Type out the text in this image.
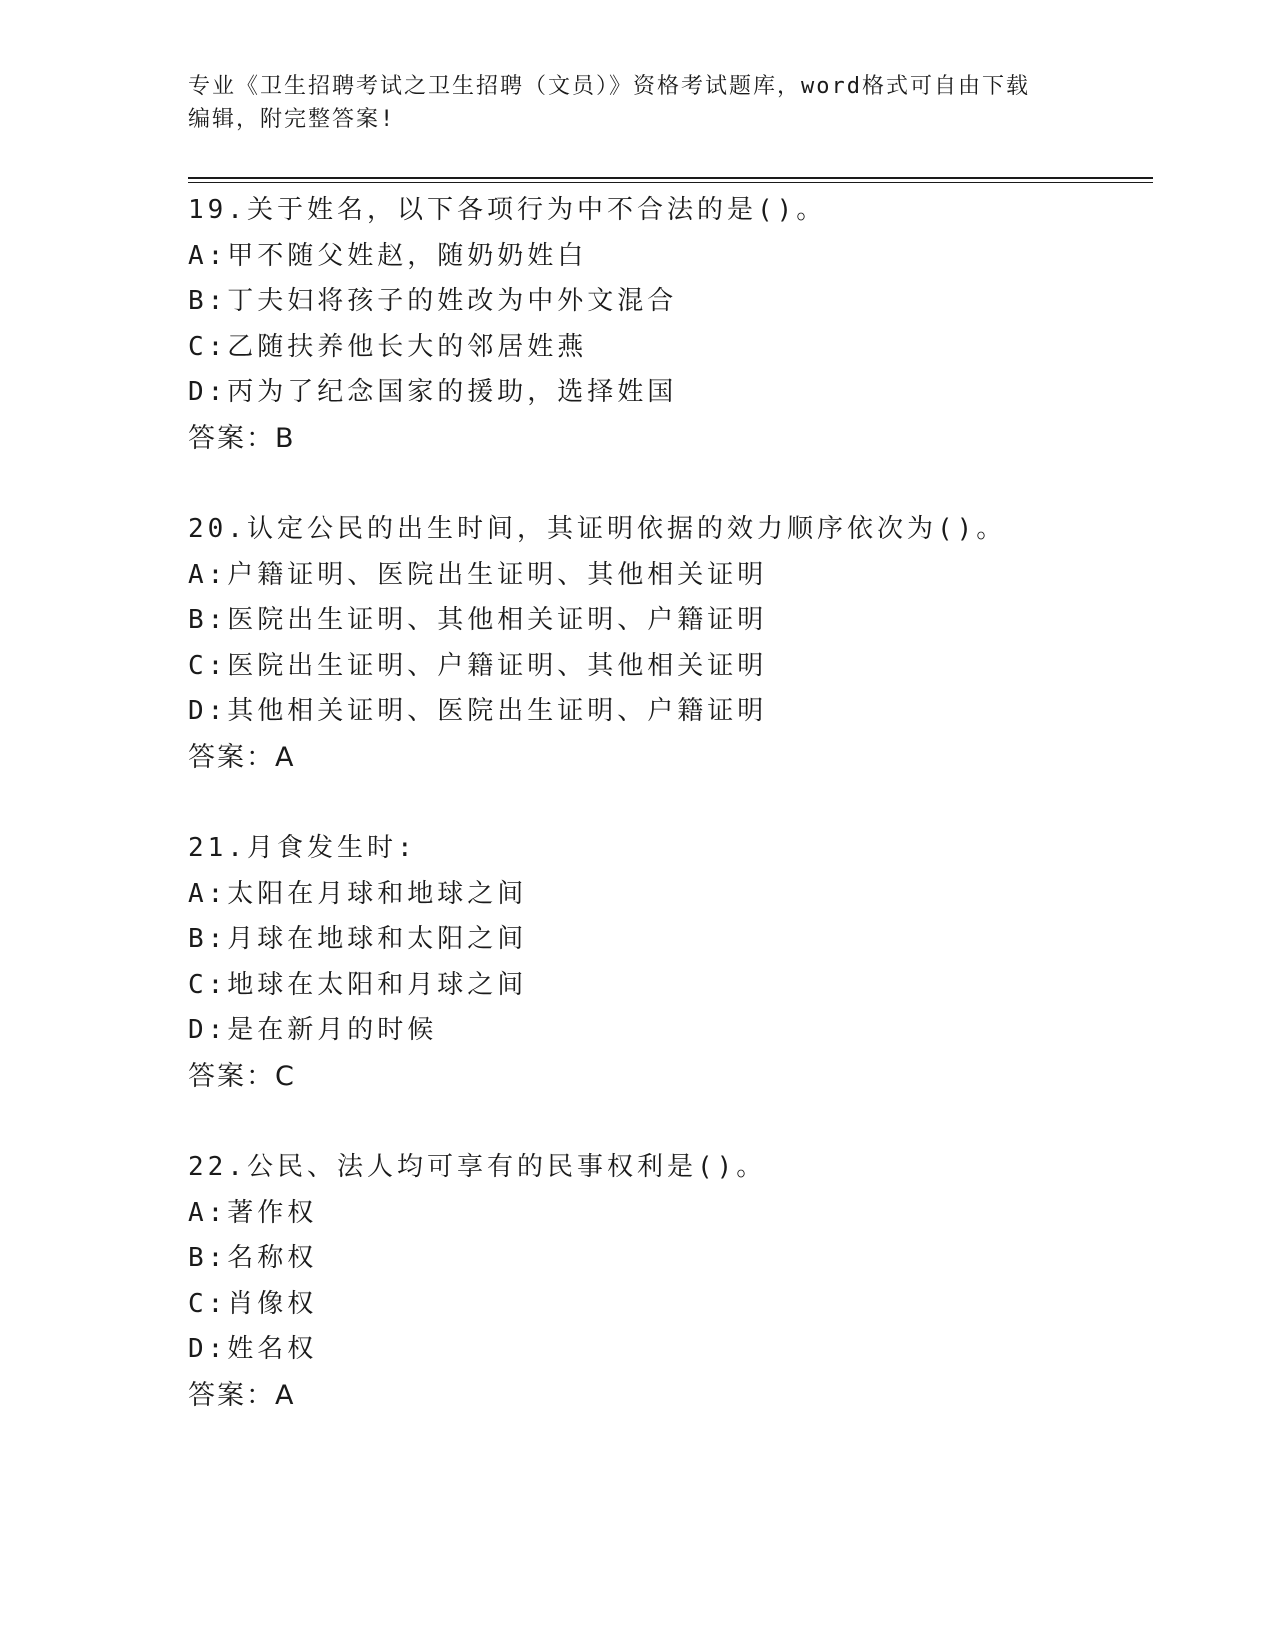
专业《卫生招聘考试之卫生招聘（文员）》资格考试题库，word格式可自由下载
编辑，附完整答案!
19.关于姓名，以下各项行为中不合法的是()。
A:甲不随父姓赵，随奶奶姓白
B:丁夫妇将孩子的姓改为中外文混合
C:乙随扶养他长大的邻居姓燕
D:丙为了纪念国家的援助，选择姓国
答案：B
20.认定公民的出生时间，其证明依据的效力顺序依次为()。
A:户籍证明、医院出生证明、其他相关证明
B:医院出生证明、其他相关证明、户籍证明
C:医院出生证明、户籍证明、其他相关证明
D:其他相关证明、医院出生证明、户籍证明
答案：A
21.月食发生时:
A:太阳在月球和地球之间
B:月球在地球和太阳之间
C:地球在太阳和月球之间
D:是在新月的时候
答案：C
22.公民、法人均可享有的民事权利是()。
A:著作权
B:名称权
C:肖像权
D:姓名权
答案：A
